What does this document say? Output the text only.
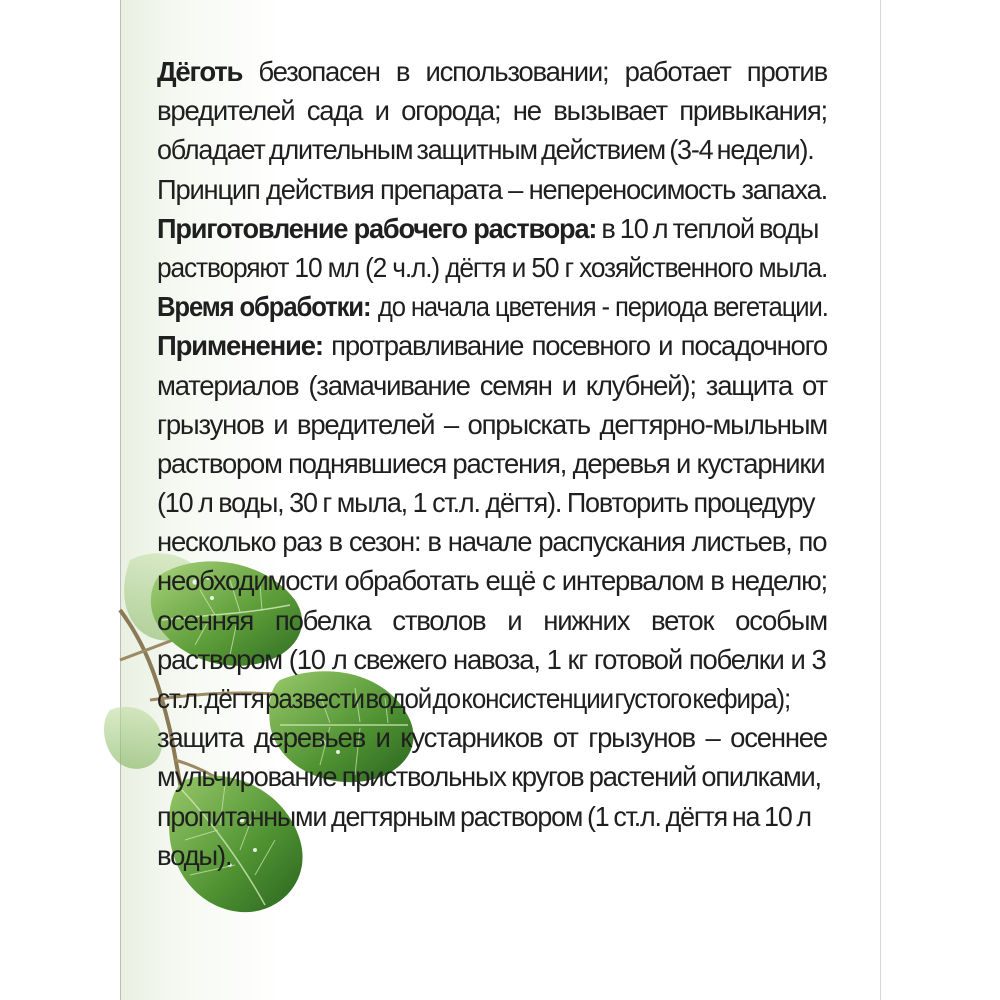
Дёготь безопасен в использовании; работает против
вредителей сада и огорода; не вызывает привыкания;
обладает длительным защитным действием (3-4 недели).
Принцип действия препарата – непереносимость запаха.
Приготовление рабочего раствора: в 10 л теплой воды
растворяют 10 мл (2 ч.л.) дёгтя и 50 г хозяйственного мыла.
Время обработки: до начала цветения - периода вегетации.
Применение: протравливание посевного и посадочного
материалов (замачивание семян и клубней); защита от
грызунов и вредителей – опрыскать дегтярно-мыльным
раствором поднявшиеся растения, деревья и кустарники
(10 л воды, 30 г мыла, 1 ст.л. дёгтя). Повторить процедуру
несколько раз в сезон: в начале распускания листьев, по
необходимости обработать ещё с интервалом в неделю;
осенняя побелка стволов и нижних веток особым
раствором (10 л свежего навоза, 1 кг готовой побелки и 3
ст.л. дёгтя развести водой до консистенции густого кефира);
защита деревьев и кустарников от грызунов – осеннее
мульчирование приствольных кругов растений опилками,
пропитанными дегтярным раствором (1 ст.л. дёгтя на 10 л
воды).
